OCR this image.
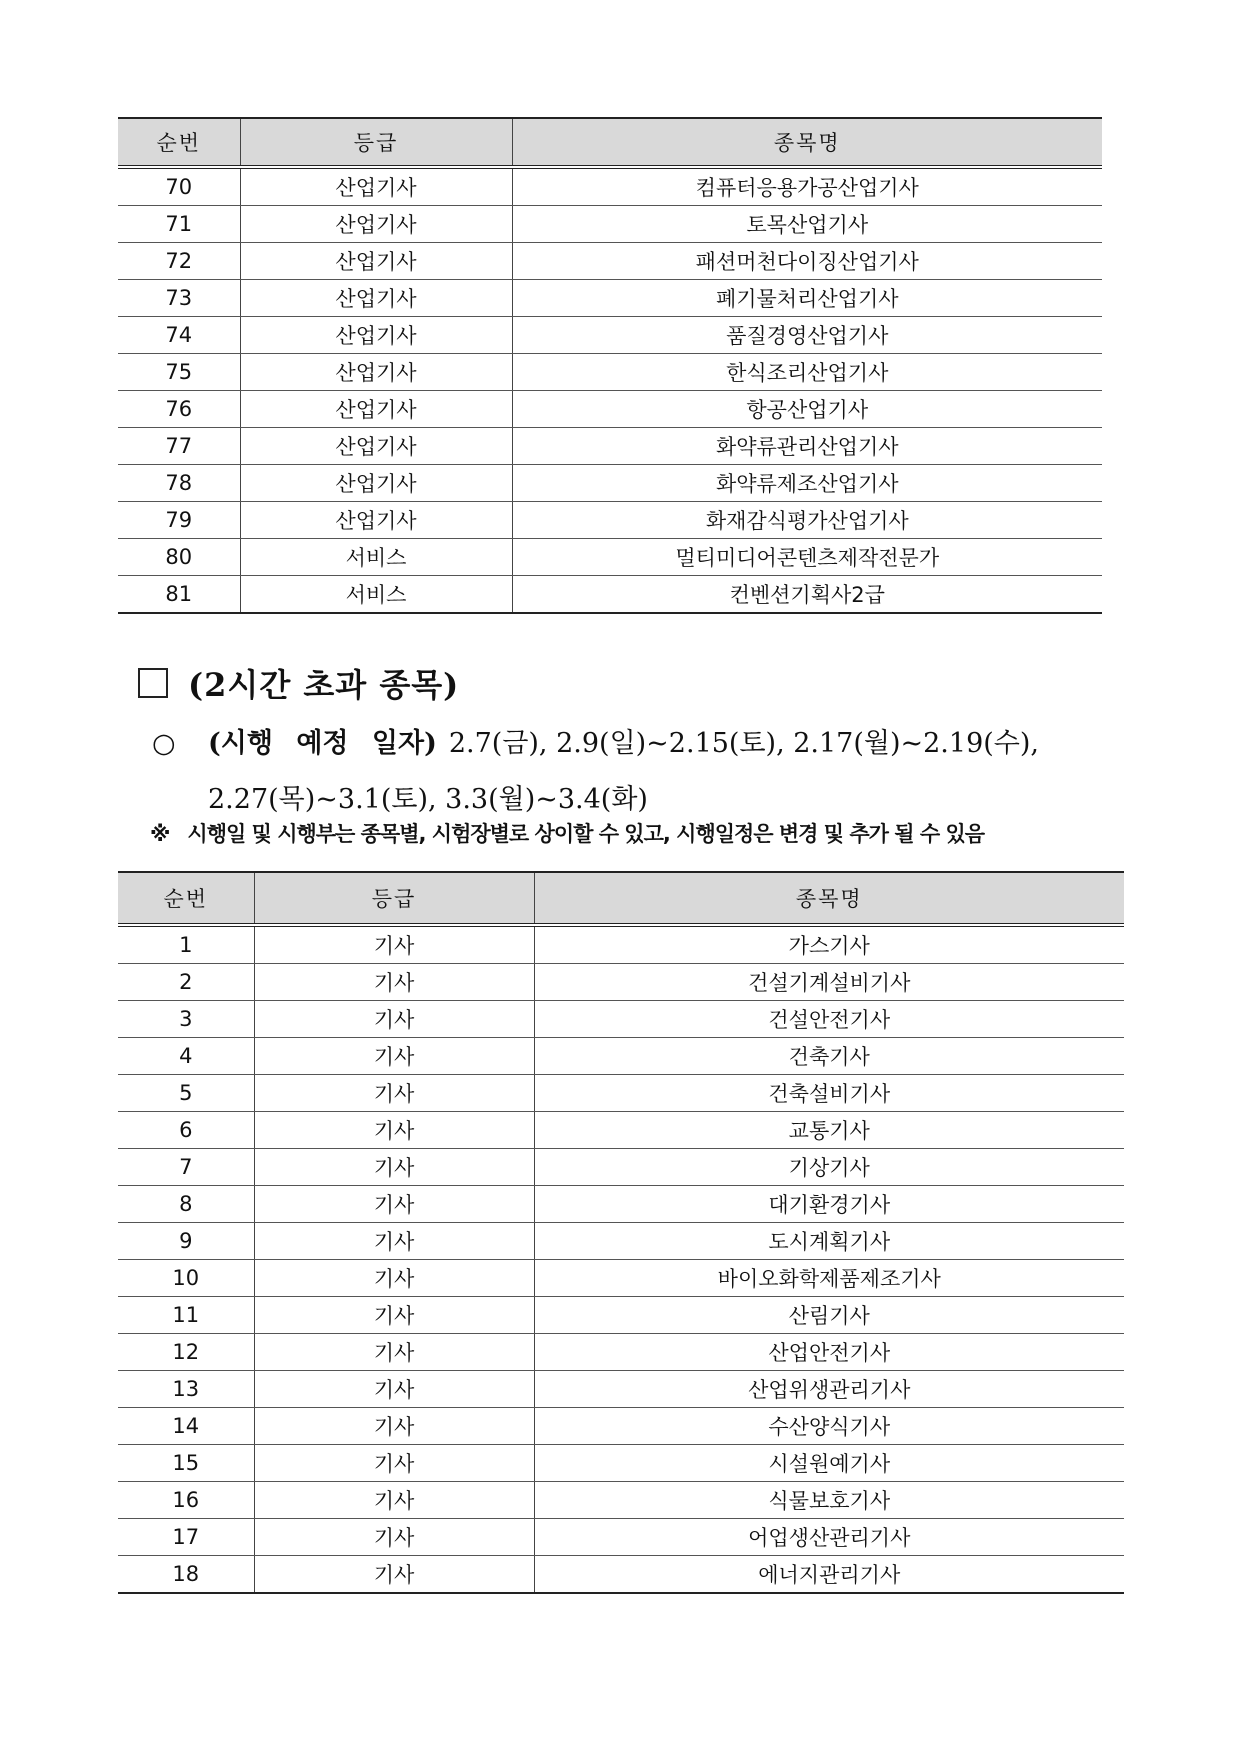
순번	등급	종목명
70	산업기사	컴퓨터응용가공산업기사
71	산업기사	토목산업기사
72	산업기사	패션머천다이징산업기사
73	산업기사	폐기물처리산업기사
74	산업기사	품질경영산업기사
75	산업기사	한식조리산업기사
76	산업기사	항공산업기사
77	산업기사	화약류관리산업기사
78	산업기사	화약류제조산업기사
79	산업기사	화재감식평가산업기사
80	서비스	멀티미디어콘텐츠제작전문가
81	서비스	컨벤션기획사2급
(2시간 초과 종목)
○ (시행 예정 일자) 2.7(금), 2.9(일)~2.15(토), 2.17(월)~2.19(수),
2.27(목)~3.1(토), 3.3(월)~3.4(화)
※ 시행일 및 시행부는 종목별, 시험장별로 상이할 수 있고, 시행일정은 변경 및 추가 될 수 있음
순번	등급	종목명
1	기사	가스기사
2	기사	건설기계설비기사
3	기사	건설안전기사
4	기사	건축기사
5	기사	건축설비기사
6	기사	교통기사
7	기사	기상기사
8	기사	대기환경기사
9	기사	도시계획기사
10	기사	바이오화학제품제조기사
11	기사	산림기사
12	기사	산업안전기사
13	기사	산업위생관리기사
14	기사	수산양식기사
15	기사	시설원예기사
16	기사	식물보호기사
17	기사	어업생산관리기사
18	기사	에너지관리기사
